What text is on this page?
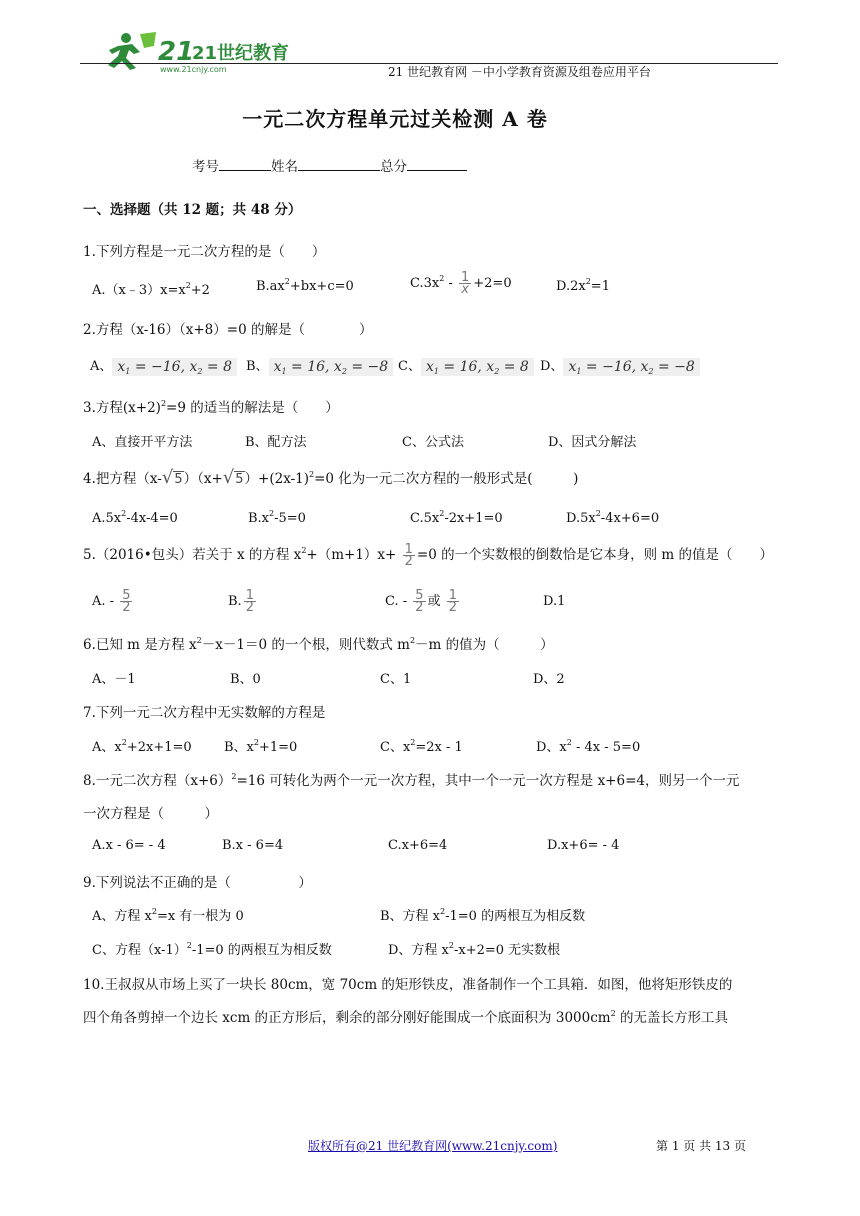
21
21世纪教育
www.21cnjy.com	21 世纪教育网 －中小学教育资源及组卷应用平台
一元二次方程单元过关检测 A 卷
考号	姓名	总分
一、选择题（共 12 题；共 48 分）
1.下列方程是一元二次方程的是（　　）
$A.(x﹣3)x=x^2+2$	$B.ax^2+bx+c=0$	$C.3x^2 - \frac{1}{x} +2=0$	$D.2x^2=1$
2.方程（x-16）（x+8）=0 的解是（　　　　）
A、 $x_1 = -16$, $x_2 = 8$	B、 $x_1 = 16$, $x_2 = -8$ C、 $x_1 = 16$, $x_2 = 8$ D、 $x_1 = -16$, $x_2 = -8$
3.方程$(x+2)^2=9$ 的适当的解法是（　　）
A、直接开平方法	B、配方法	C、公式法	D、因式分解法
4.把方程$(x-√5)(x+√5)+(2x-1)^2=0$ 化为一元二次方程的一般形式是(　　　)
$A.5x^2-4x-4=0$	$B.x^2-5=0$	$C.5x^2-2x+1=0$	$D.5x^2-4x+6=0$
5.（2016•包头）若关于 x 的方程 $x^2+(m+1)x+ \frac{1}{2} =0$ 的一个实数根的倒数恰是它本身，则 m 的值是（　　）
A. - $\frac{5}{2}$	B. $\frac{1}{2}$	C. - $\frac{5}{2}$ 或 $\frac{1}{2}$	D.1
6.已知 m 是方程 $x^2-x-1=0$ 的一个根，则代数式 $m^2-m$ 的值为（　　　）
A、－1	B、0	C、1	D、2
7.下列一元二次方程中无实数解的方程是
A、$x^2+2x+1=0$ B、$x^2+1=0$	C、$x^2=2x - 1$	D、$x^2 - 4x - 5=0$
8.一元二次方程$(x+6)^2=16$ 可转化为两个一元一次方程，其中一个一元一次方程是 x+6=4，则另一个一元
一次方程是（　　　）
A.x - 6= - 4	B.x - 6=4	C.x+6=4	D.x+6= - 4
9.下列说法不正确的是（　　　　　）
A、方程 $x^2=x$ 有一根为 0	B、方程 $x^2-1=0$ 的两根互为相反数
C、方程$(x-1)^2-1=0$ 的两根互为相反数	D、方程 $x^2-x+2=0$ 无实数根
10.王叔叔从市场上买了一块长 80cm，宽 70cm 的矩形铁皮，准备制作一个工具箱．如图，他将矩形铁皮的
四个角各剪掉一个边长 xcm 的正方形后，剩余的部分刚好能围成一个底面积为 $3000cm^2$ 的无盖长方形工具
版权所有@21 世纪教育网(www.21cnjy.com)	第 1 页 共 13 页
